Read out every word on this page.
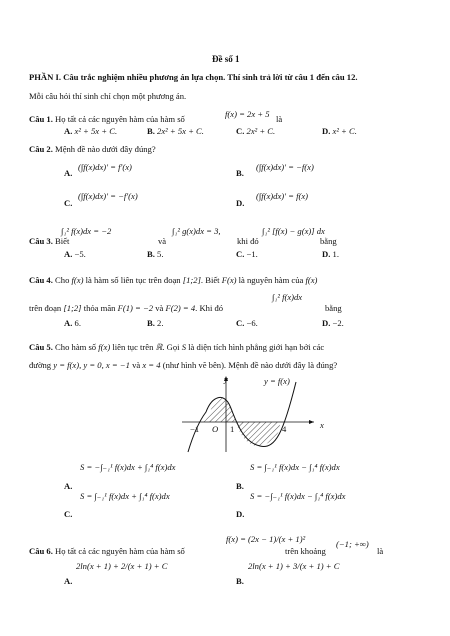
Đề số 1
PHẦN I. Câu trắc nghiệm nhiều phương án lựa chọn. Thí sinh trả lời từ câu 1 đến câu 12.
Mỗi câu hỏi thí sinh chỉ chọn một phương án.
Câu 1. Họ tất cả các nguyên hàm của hàm số	f(x) = 2x + 5 là
A. x² + 5x + C.	B. 2x² + 5x + C.	C. 2x² + C.	D. x² + C.
Câu 2. Mệnh đề nào dưới đây đúng?
A.
(∫f(x)dx)′ = f′(x)
B.
(∫f(x)dx)′ = −f(x)
C.
(∫f(x)dx)′ = −f′(x)
D.
(∫f(x)dx)′ = f(x)
Câu 3. Biết
∫₁² f(x)dx = −2
và
∫₁² g(x)dx = 3,
khi đó
∫₁² [f(x) − g(x)] dx
bằng
A. −5.	B. 5.	C. −1.	D. 1.
Câu 4. Cho f(x) là hàm số liên tục trên đoạn [1;2]. Biết F(x) là nguyên hàm của f(x)
trên đoạn [1;2] thỏa mãn F(1) = −2 và F(2) = 4. Khi đó
∫₁² f(x)dx
bằng
A. 6.	B. 2.	C. −6.	D. −2.
Câu 5. Cho hàm số f(x) liên tục trên ℝ. Gọi S là diện tích hình phẳng giới hạn bởi các
đường y = f(x), y = 0, x = −1 và x = 4 (như hình vẽ bên). Mệnh đề nào dưới đây là đúng?
y	y = f(x)
x
O
−1	1	4
A.
S = −∫₋₁¹ f(x)dx + ∫₁⁴ f(x)dx
B.
S = ∫₋₁¹ f(x)dx − ∫₁⁴ f(x)dx
C.
S = ∫₋₁¹ f(x)dx + ∫₁⁴ f(x)dx
D.
S = −∫₋₁¹ f(x)dx − ∫₁⁴ f(x)dx
Câu 6. Họ tất cả các nguyên hàm của hàm số
f(x) = (2x − 1)/(x + 1)²
trên khoảng
(−1; +∞)
là
A.
2ln(x + 1) + 2/(x + 1) + C
B.
2ln(x + 1) + 3/(x + 1) + C
